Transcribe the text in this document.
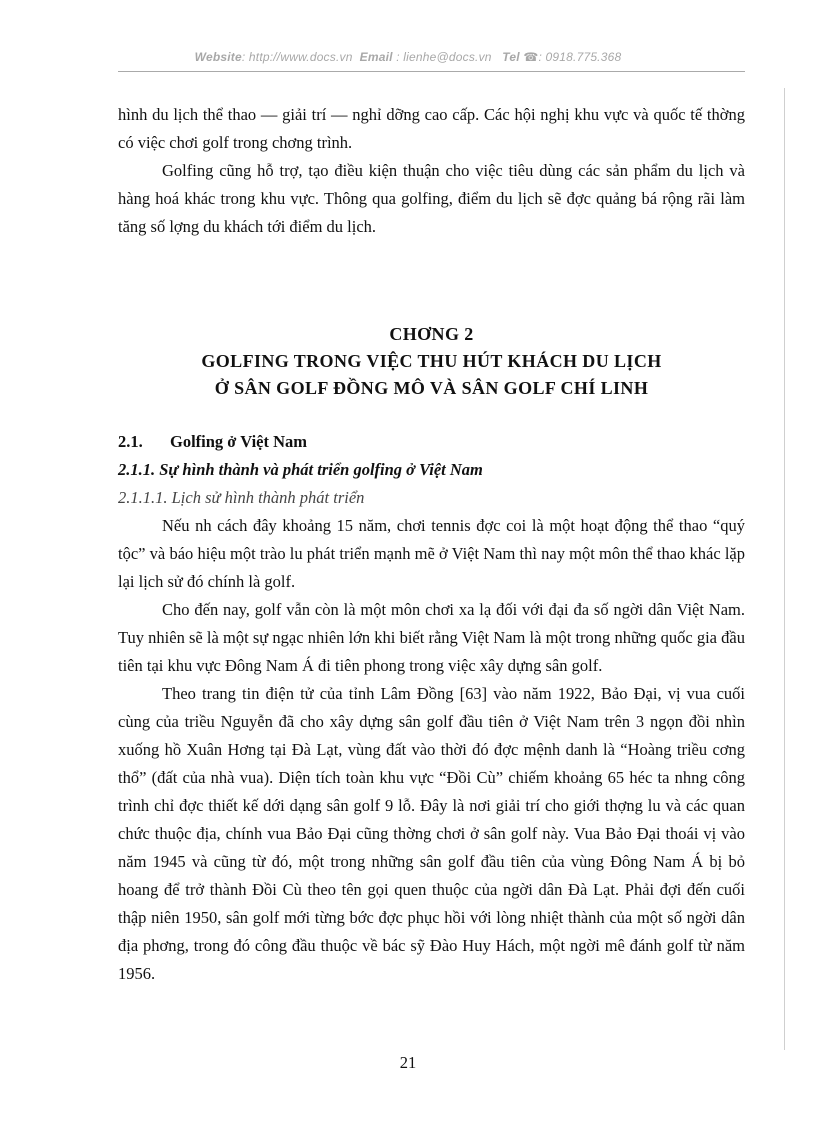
Website: http://www.docs.vn Email : lienhe@docs.vn Tel ☎: 0918.775.368

hình du lịch thể thao — giải trí — nghỉ dỡng cao cấp. Các hội nghị khu vực và quốc tế thờng có việc chơi golf trong chơng trình.

Golfing cũng hỗ trợ, tạo điều kiện thuận cho việc tiêu dùng các sản phẩm du lịch và hàng hoá khác trong khu vực. Thông qua golfing, điểm du lịch sẽ đợc quảng bá rộng rãi làm tăng số lợng du khách tới điểm du lịch.

CHƠNG 2
GOLFING TRONG VIỆC THU HÚT KHÁCH DU LỊCH
Ở SÂN GOLF ĐỒNG MÔ VÀ SÂN GOLF CHÍ LINH
2.1. Golfing ở Việt Nam
2.1.1. Sự hình thành và phát triển golfing ở Việt Nam
2.1.1.1. Lịch sử hình thành phát triển

Nếu nh cách đây khoảng 15 năm, chơi tennis đợc coi là một hoạt động thể thao “quý tộc” và báo hiệu một trào lu phát triển mạnh mẽ ở Việt Nam thì nay một môn thể thao khác lặp lại lịch sử đó chính là golf.

Cho đến nay, golf vẫn còn là một môn chơi xa lạ đối với đại đa số ngời dân Việt Nam. Tuy nhiên sẽ là một sự ngạc nhiên lớn khi biết rằng Việt Nam là một trong những quốc gia đầu tiên tại khu vực Đông Nam Á đi tiên phong trong việc xây dựng sân golf.

Theo trang tin điện tử của tỉnh Lâm Đồng [63] vào năm 1922, Bảo Đại, vị vua cuối cùng của triều Nguyễn đã cho xây dựng sân golf đầu tiên ở Việt Nam trên 3 ngọn đồi nhìn xuống hồ Xuân Hơng tại Đà Lạt, vùng đất vào thời đó đợc mệnh danh là “Hoàng triều cơng thổ” (đất của nhà vua). Diện tích toàn khu vực “Đồi Cù” chiếm khoảng 65 héc ta nhng công trình chỉ đợc thiết kế dới dạng sân golf 9 lỗ. Đây là nơi giải trí cho giới thợng lu và các quan chức thuộc địa, chính vua Bảo Đại cũng thờng chơi ở sân golf này. Vua Bảo Đại thoái vị vào năm 1945 và cũng từ đó, một trong những sân golf đầu tiên của vùng Đông Nam Á bị bỏ hoang để trở thành Đồi Cù theo tên gọi quen thuộc của ngời dân Đà Lạt. Phải đợi đến cuối thập niên 1950, sân golf mới từng bớc đợc phục hồi với lòng nhiệt thành của một số ngời dân địa phơng, trong đó công đầu thuộc về bác sỹ Đào Huy Hách, một ngời mê đánh golf từ năm 1956.

21
